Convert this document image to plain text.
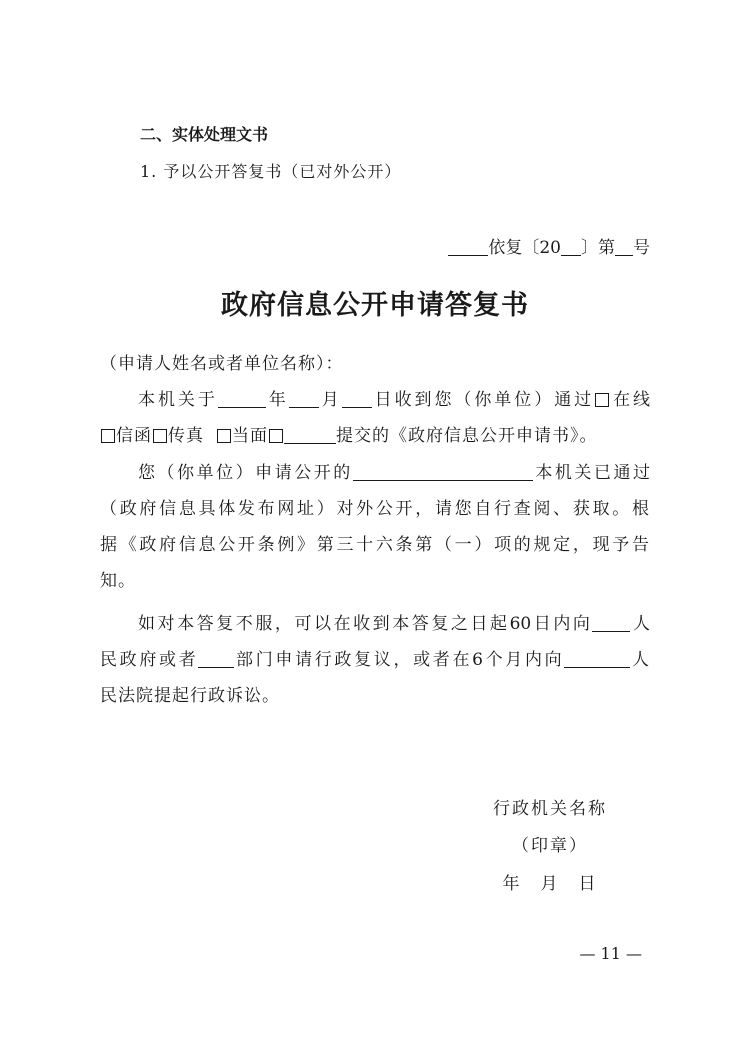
二、实体处理文书
1. 予以公开答复书（已对外公开）
依复〔20 〕第 号
政府信息公开申请答复书
（申请人姓名或者单位名称）：
本机关于	年 月 日收到您（你单位）通过 在线
信函 传真 当面	提交的《政府信息公开申请书》。
您（你单位）申请公开的	本机关已通过
（政府信息具体发布网址）对外公开，请您自行查阅、获取。根
据《政府信息公开条例》第三十六条第（一）项的规定，现予告
知。
如对本答复不服，可以在收到本答复之日起60日内向 人
民政府或者 部门申请行政复议，或者在6个月内向	人
民法院提起行政诉讼。
行政机关名称
（印章）
年　月　日
— 11 —
